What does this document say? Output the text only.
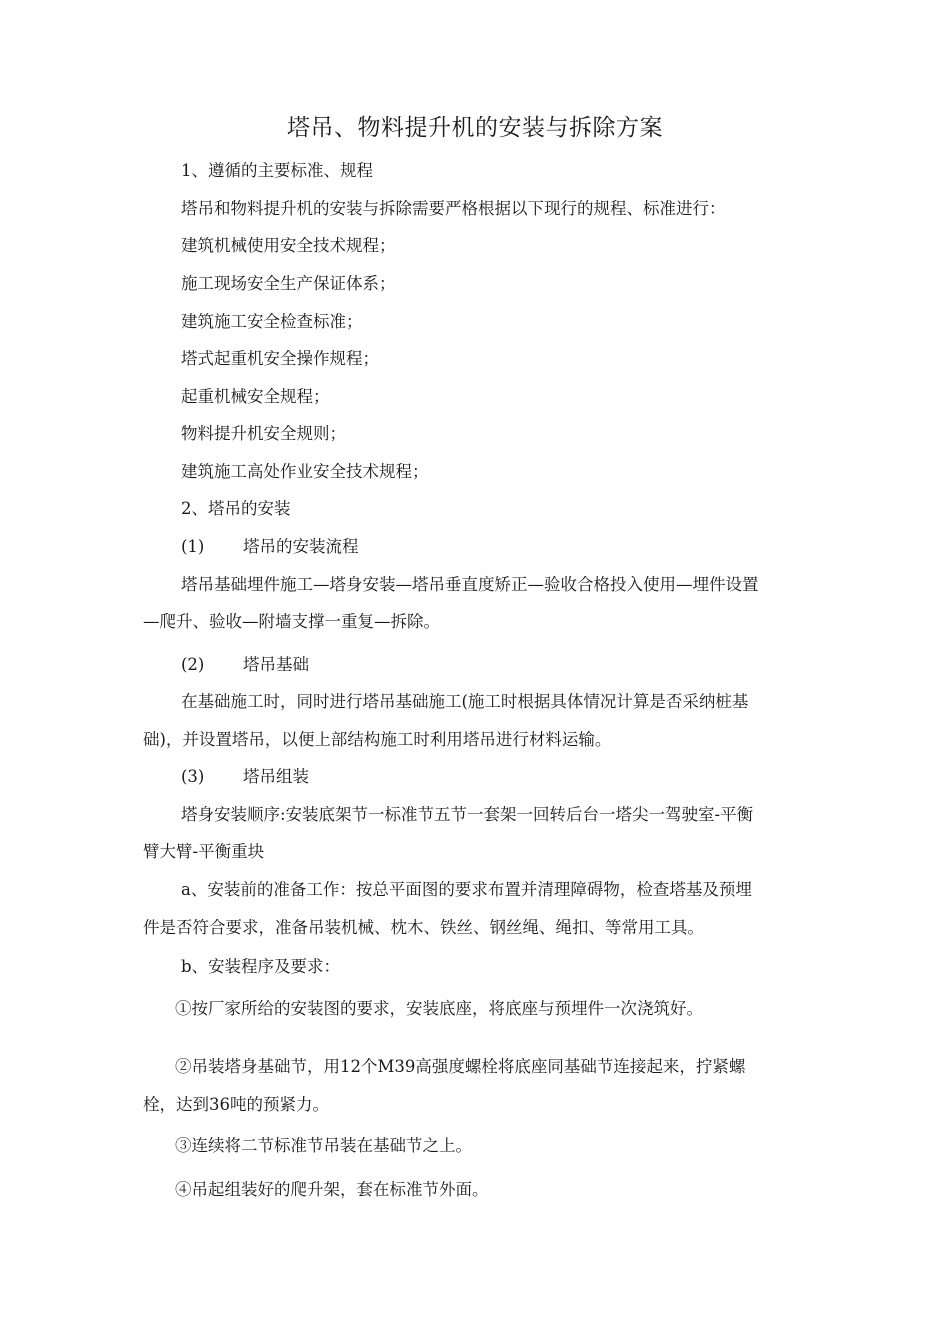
塔吊、物料提升机的安装与拆除方案
1、遵循的主要标准、规程
塔吊和物料提升机的安装与拆除需要严格根据以下现行的规程、标准进行：
建筑机械使用安全技术规程；
施工现场安全生产保证体系；
建筑施工安全检查标准；
塔式起重机安全操作规程；
起重机械安全规程；
物料提升机安全规则；
建筑施工高处作业安全技术规程；
2、塔吊的安装
(1) 塔吊的安装流程
塔吊基础埋件施工—塔身安装—塔吊垂直度矫正—验收合格投入使用—埋件设置
—爬升、验收—附墙支撑一重复—拆除。
(2) 塔吊基础
在基础施工时，同时进行塔吊基础施工(施工时根据具体情况计算是否采纳桩基
础)，并设置塔吊，以便上部结构施工时利用塔吊进行材料运输。
(3) 塔吊组装
塔身安装顺序:安装底架节一标准节五节一套架一回转后台一塔尖一驾驶室-平衡
臂大臂-平衡重块
a、安装前的准备工作：按总平面图的要求布置并清理障碍物，检查塔基及预埋
件是否符合要求，准备吊装机械、枕木、铁丝、钢丝绳、绳扣、等常用工具。
b、安装程序及要求：
①按厂家所给的安装图的要求，安装底座，将底座与预埋件一次浇筑好。
②吊装塔身基础节，用12个M39高强度螺栓将底座同基础节连接起来，拧紧螺
栓，达到36吨的预紧力。
③连续将二节标准节吊装在基础节之上。
④吊起组装好的爬升架，套在标准节外面。
